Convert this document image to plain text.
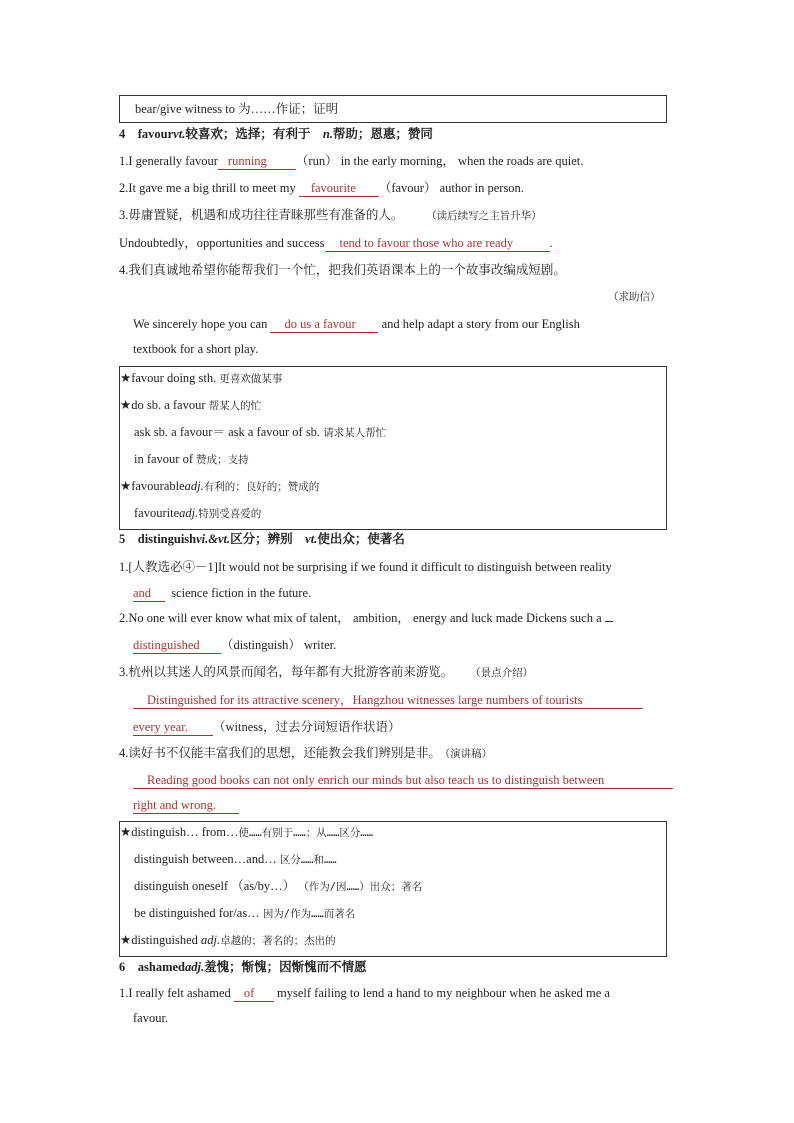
bear/give witness to 为……作证；证明
4 favourvt.较喜欢；选择；有利于 n.帮助；恩惠；赞同
1.I generally favour running （run） in the early morning， when the roads are quiet.
2.It gave me a big thrill to meet my favourite （favour） author in person.
3.毋庸置疑，机遇和成功往往青睐那些有准备的人。	（读后续写之主旨升华）
Undoubtedly，opportunities and success tend to favour those who are ready	.
4.我们真诚地希望你能帮我们一个忙，把我们英语课本上的一个故事改编成短剧。
（求助信）
We sincerely hope you can do us a favour and help adapt a story from our English
textbook for a short play.
★favour doing sth. 更喜欢做某事
★do sb. a favour 帮某人的忙
ask sb. a favour＝ ask a favour of sb. 请求某人帮忙
in favour of 赞成；支持
★favourableadj.有利的；良好的；赞成的
favouriteadj.特别受喜爱的
5 distinguishvi.&vt.区分；辨别 vt.使出众；使著名
1.[人教选必④－1]It would not be surprising if we found it difficult to distinguish between reality
and science fiction in the future.
2.No one will ever know what mix of talent， ambition， energy and luck made Dickens such a
distinguished （distinguish） writer.
3.杭州以其迷人的风景而闻名，每年都有大批游客前来游览。 （景点介绍）
Distinguished for its attractive scenery，Hangzhou witnesses large numbers of tourists
every year. （witness，过去分词短语作状语）
4.读好书不仅能丰富我们的思想，还能教会我们辨别是非。 （演讲稿）
Reading good books can not only enrich our minds but also teach us to distinguish between
right and wrong.
★distinguish… from…使……有别于……；从……区分……
distinguish between…and… 区分……和……
distinguish oneself （as/by…） （作为/因……）出众；著名
be distinguished for/as… 因为/作为……而著名
★distinguished adj.卓越的；著名的；杰出的
6 ashamedadj.羞愧；惭愧；因惭愧而不情愿
1.I really felt ashamed of myself failing to lend a hand to my neighbour when he asked me a
favour.
